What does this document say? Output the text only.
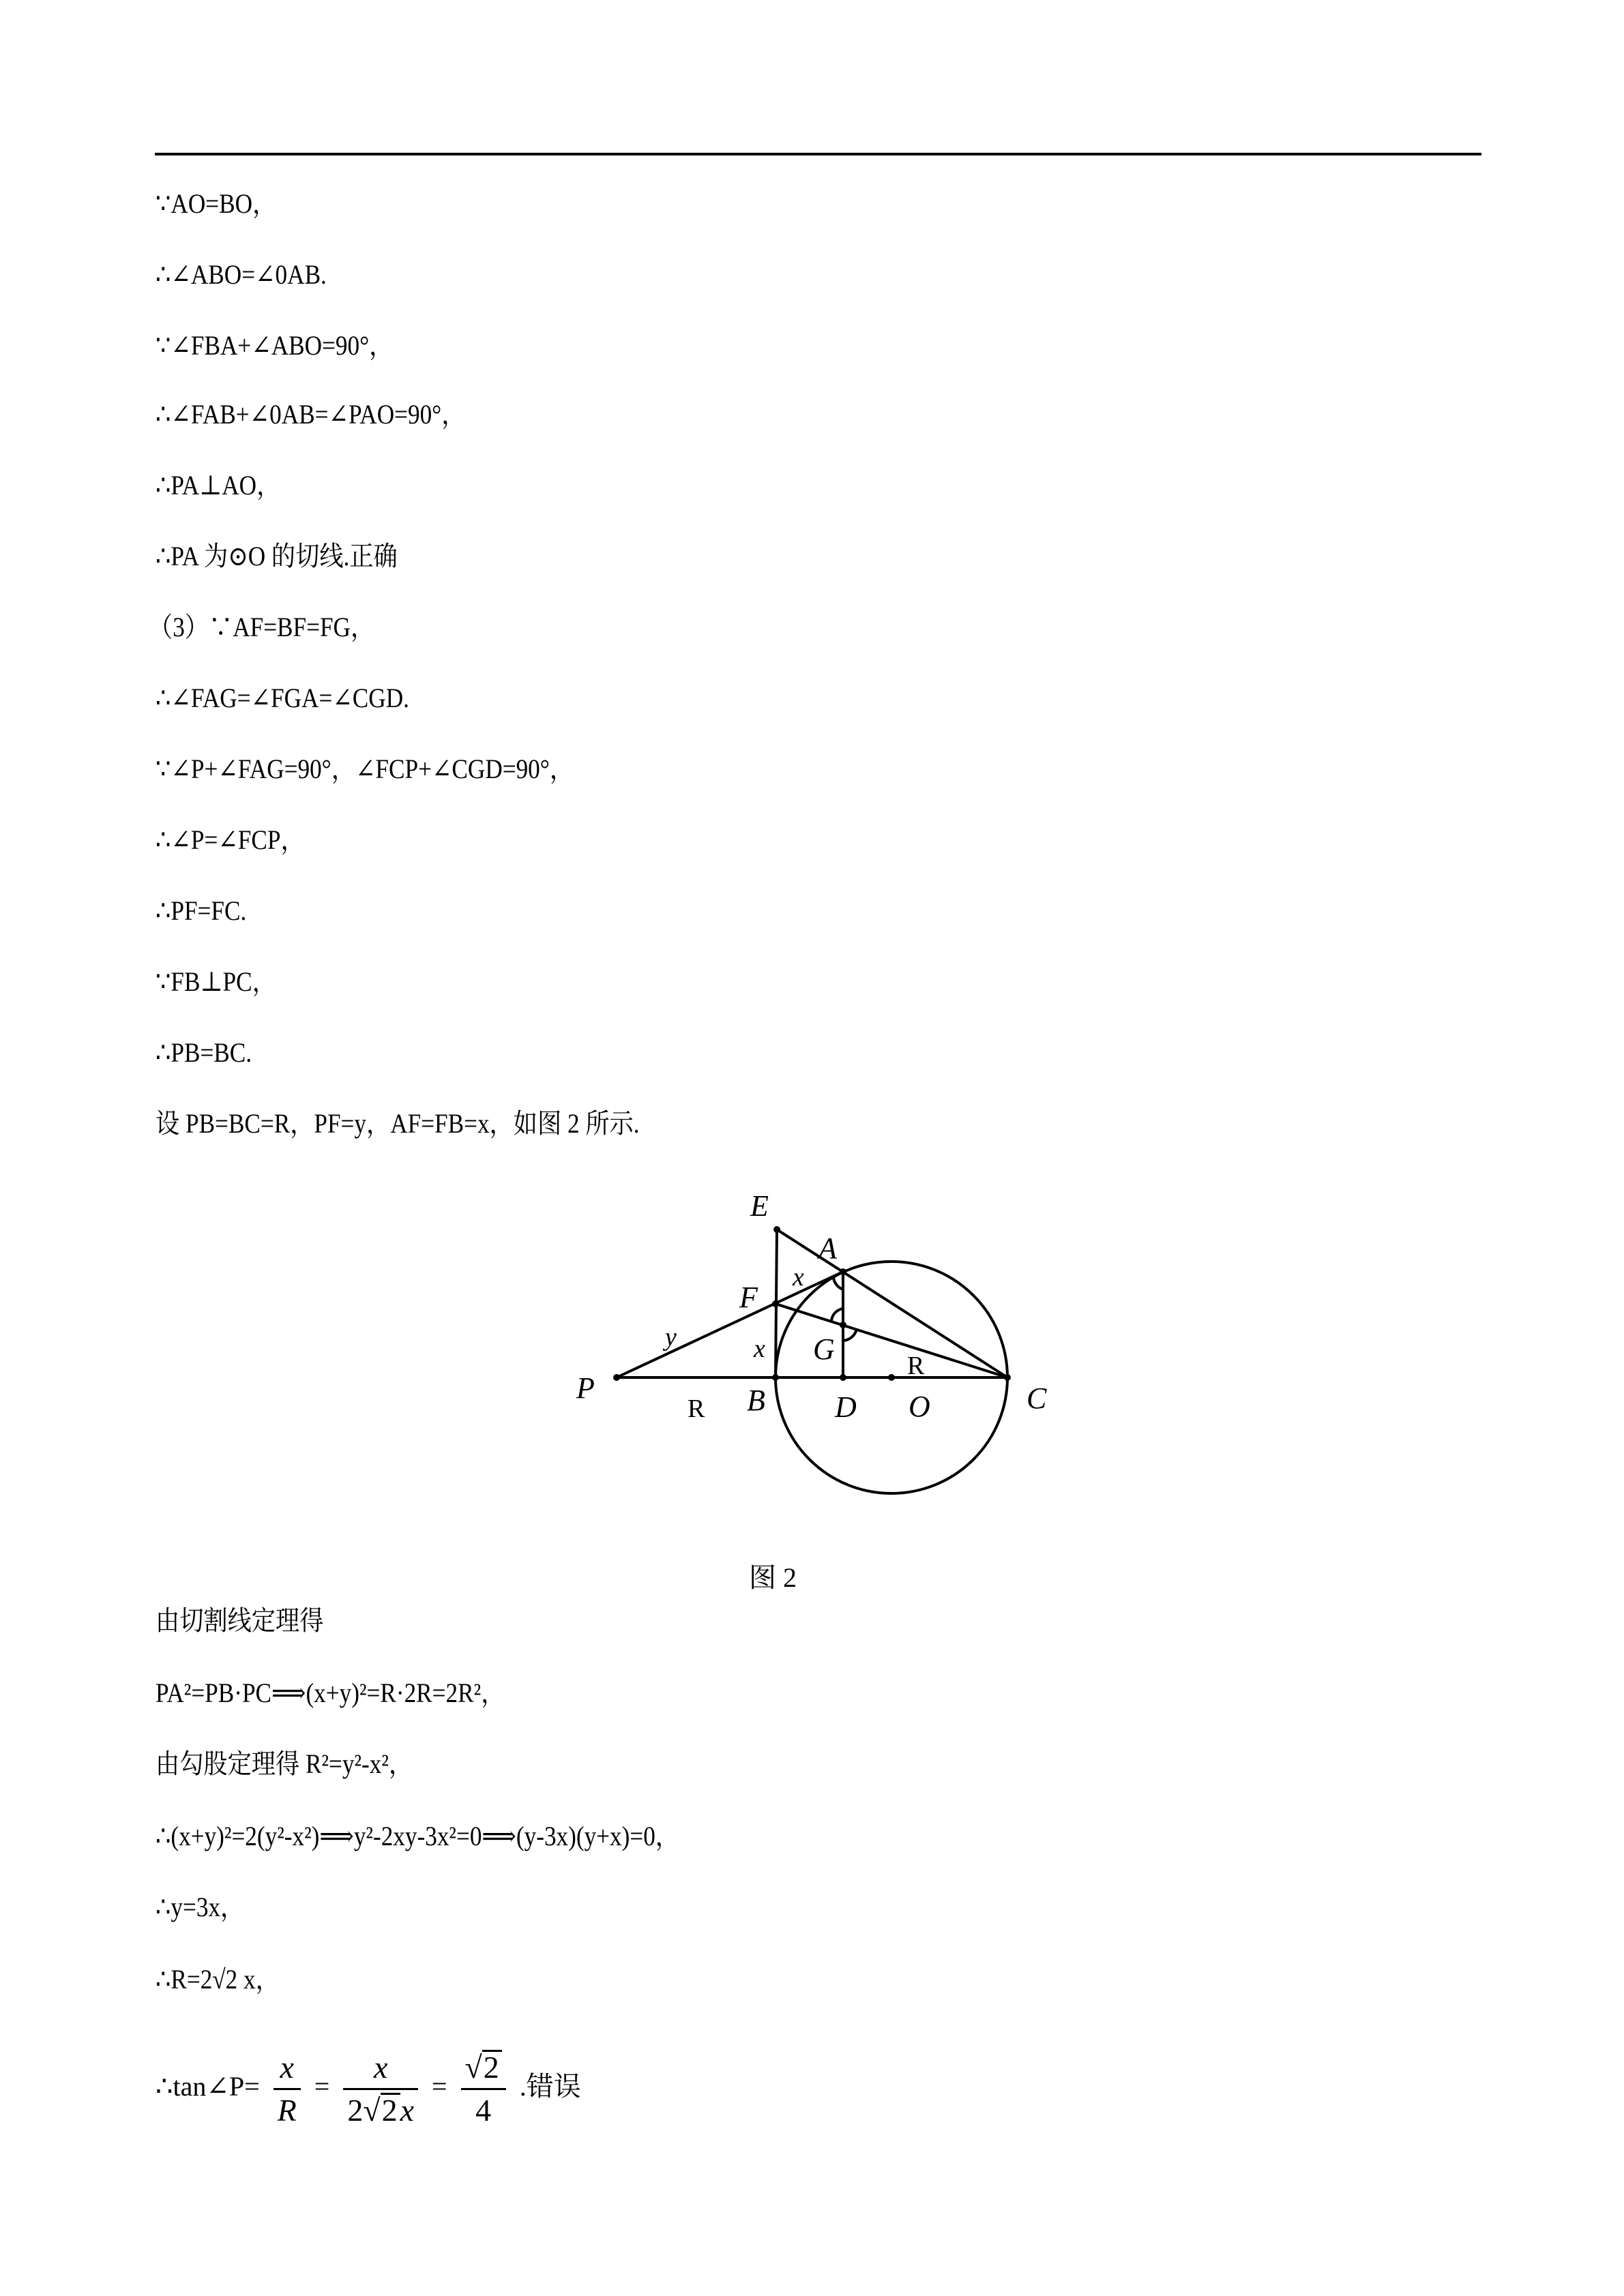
∵AO=BO，
∴∠ABO=∠0AB.
∵∠FBA+∠ABO=90°，
∴∠FAB+∠0AB=∠PAO=90°，
∴PA⊥AO，
∴PA 为⊙O 的切线.正确
（3）∵AF=BF=FG，
∴∠FAG=∠FGA=∠CGD.
∵∠P+∠FAG=90°，∠FCP+∠CGD=90°，
∴∠P=∠FCP，
∴PF=FC.
∵FB⊥PC，
∴PB=BC.
设 PB=BC=R，PF=y，AF=FB=x，如图 2 所示.
E
A
F
G
P	B D O	C
x
x
y
R
R
图 2
由切割线定理得
PA²=PB·PC⟹(x+y)²=R·2R=2R²，
由勾股定理得 R²=y²-x²，
∴(x+y)²=2(y²-x²)⟹y²-2xy-3x²=0⟹(y-3x)(y+x)=0，
∴y=3x，
∴R=2√2 x，
∴tan∠P= $\frac{x}{R} = \frac{x}{2√2x} = \frac{√2}{4}$ .错误
